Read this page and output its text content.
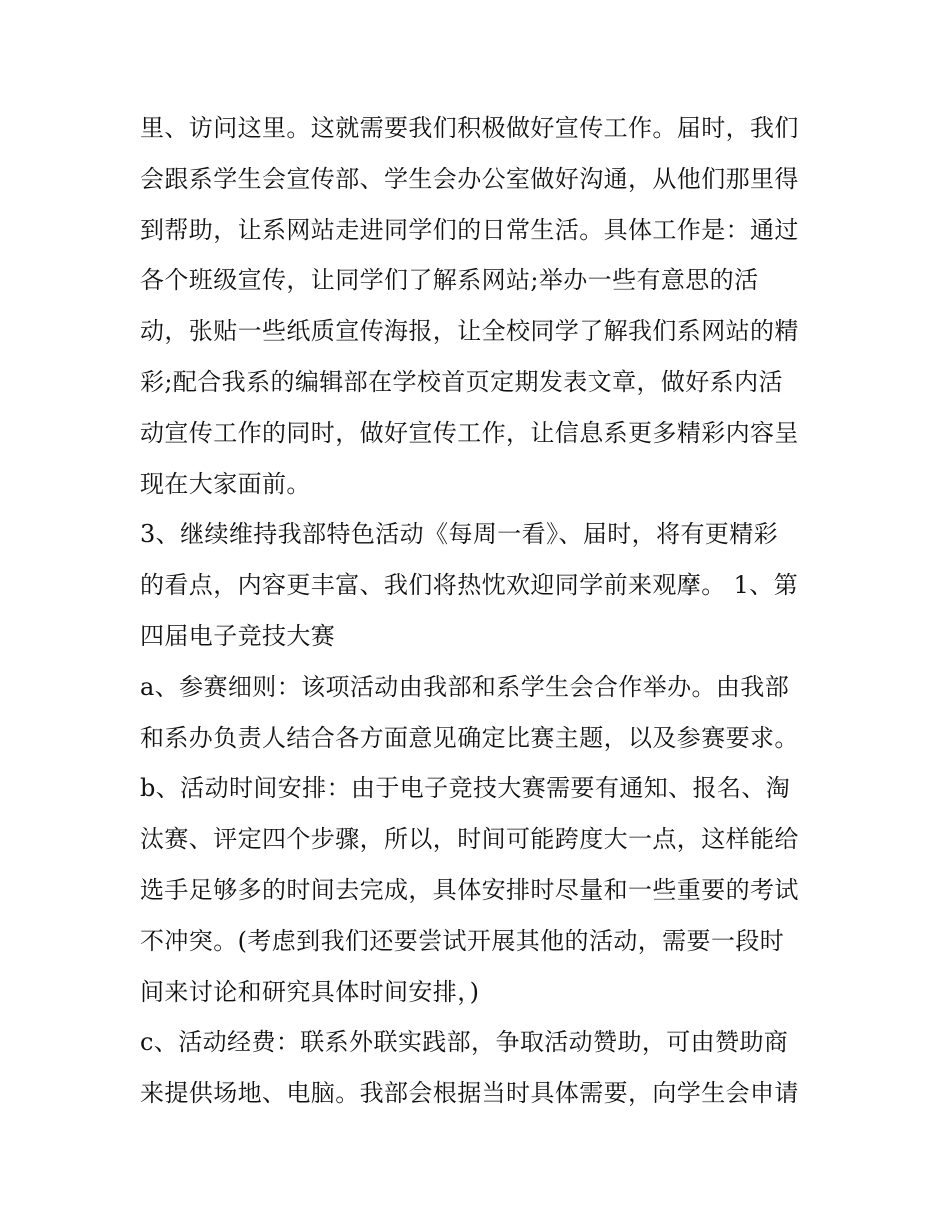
里、访问这里。这就需要我们积极做好宣传工作。届时，我们
会跟系学生会宣传部、学生会办公室做好沟通，从他们那里得
到帮助，让系网站走进同学们的日常生活。具体工作是：通过
各个班级宣传，让同学们了解系网站;举办一些有意思的活
动，张贴一些纸质宣传海报，让全校同学了解我们系网站的精
彩;配合我系的编辑部在学校首页定期发表文章，做好系内活
动宣传工作的同时，做好宣传工作，让信息系更多精彩内容呈
现在大家面前。
3、继续维持我部特色活动《每周一看》、届时，将有更精彩
的看点，内容更丰富、我们将热忱欢迎同学前来观摩。 1、第
四届电子竞技大赛
a、参赛细则：该项活动由我部和系学生会合作举办。由我部
和系办负责人结合各方面意见确定比赛主题，以及参赛要求。
b、活动时间安排：由于电子竞技大赛需要有通知、报名、淘
汰赛、评定四个步骤，所以，时间可能跨度大一点，这样能给
选手足够多的时间去完成，具体安排时尽量和一些重要的考试
不冲突。(考虑到我们还要尝试开展其他的活动，需要一段时
间来讨论和研究具体时间安排，)
c、活动经费：联系外联实践部，争取活动赞助，可由赞助商
来提供场地、电脑。我部会根据当时具体需要，向学生会申请
